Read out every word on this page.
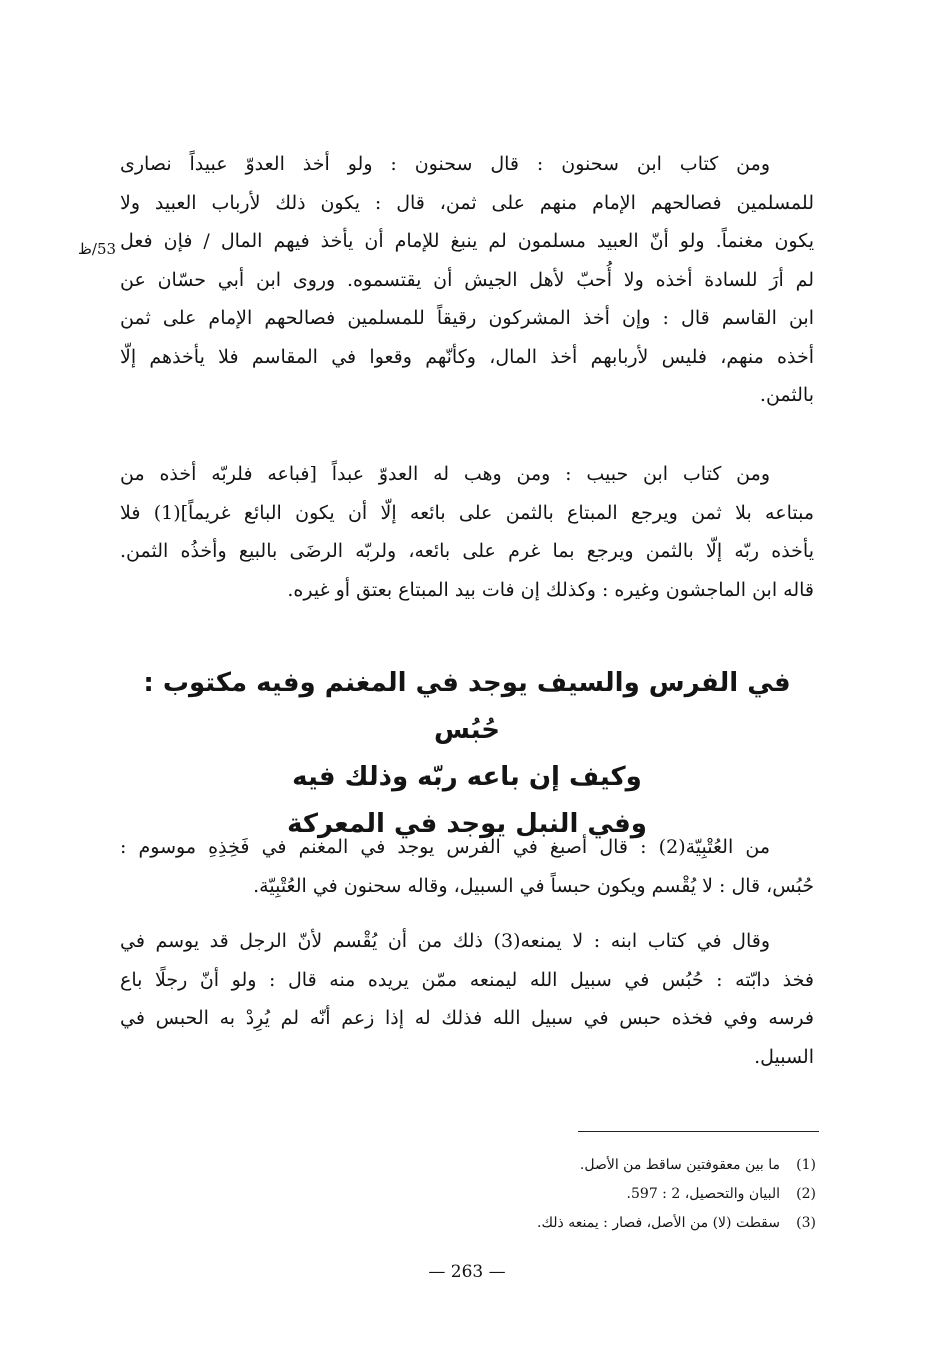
53/ظ

ومن كتاب ابن سحنون : قال سحنون : ولو أخذ العدوّ عبيداً نصارى
للمسلمين فصالحهم الإمام منهم على ثمن، قال : يكون ذلك لأرباب العبيد ولا
يكون مغنماً. ولو أنّ العبيد مسلمون لم ينبغ للإمام أن يأخذ فيهم المال / فإن فعل
لم أرَ للسادة أخذه ولا أُحبّ لأهل الجيش أن يقتسموه. وروى ابن أبي حسّان عن
ابن القاسم قال : وإن أخذ المشركون رقيقاً للمسلمين فصالحهم الإمام على ثمن
أخذه منهم، فليس لأربابهم أخذ المال، وكأنّهم وقعوا في المقاسم فلا يأخذهم إلّا
بالثمن.

ومن كتاب ابن حبيب : ومن وهب له العدوّ عبداً [فباعه فلربّه أخذه من
مبتاعه بلا ثمن ويرجع المبتاع بالثمن على بائعه إلّا أن يكون البائع غريماً](1) فلا
يأخذه ربّه إلّا بالثمن ويرجع بما غرم على بائعه، ولربّه الرضَى بالبيع وأخذُه الثمن.
قاله ابن الماجشون وغيره : وكذلك إن فات بيد المبتاع بعتق أو غيره.

في الفرس والسيف يوجد في المغنم وفيه مكتوب : حُبُس
وكيف إن باعه ربّه وذلك فيه
وفي النبل يوجد في المعركة

من العُتْبِيّة(2) : قال أصبغ في الفرس يوجد في المغنم في فَخِذِهِ موسوم :
حُبُس، قال : لا يُقْسم ويكون حبساً في السبيل، وقاله سحنون في العُتْبِيّة.

وقال في كتاب ابنه : لا يمنعه(3) ذلك من أن يُقْسم لأنّ الرجل قد يوسم في
فخذ دابّته : حُبُس في سبيل الله ليمنعه ممّن يريده منه قال : ولو أنّ رجلًا باع
فرسه وفي فخذه حبس في سبيل الله فذلك له إذا زعم أنّه لم يُرِدْ به الحبس في
السبيل.

(1)
ما بين معقوفتين ساقط من الأصل.
(2)
البيان والتحصيل، 2 : 597.
(3)
سقطت (لا) من الأصل، فصار : يمنعه ذلك.
— 263 —
